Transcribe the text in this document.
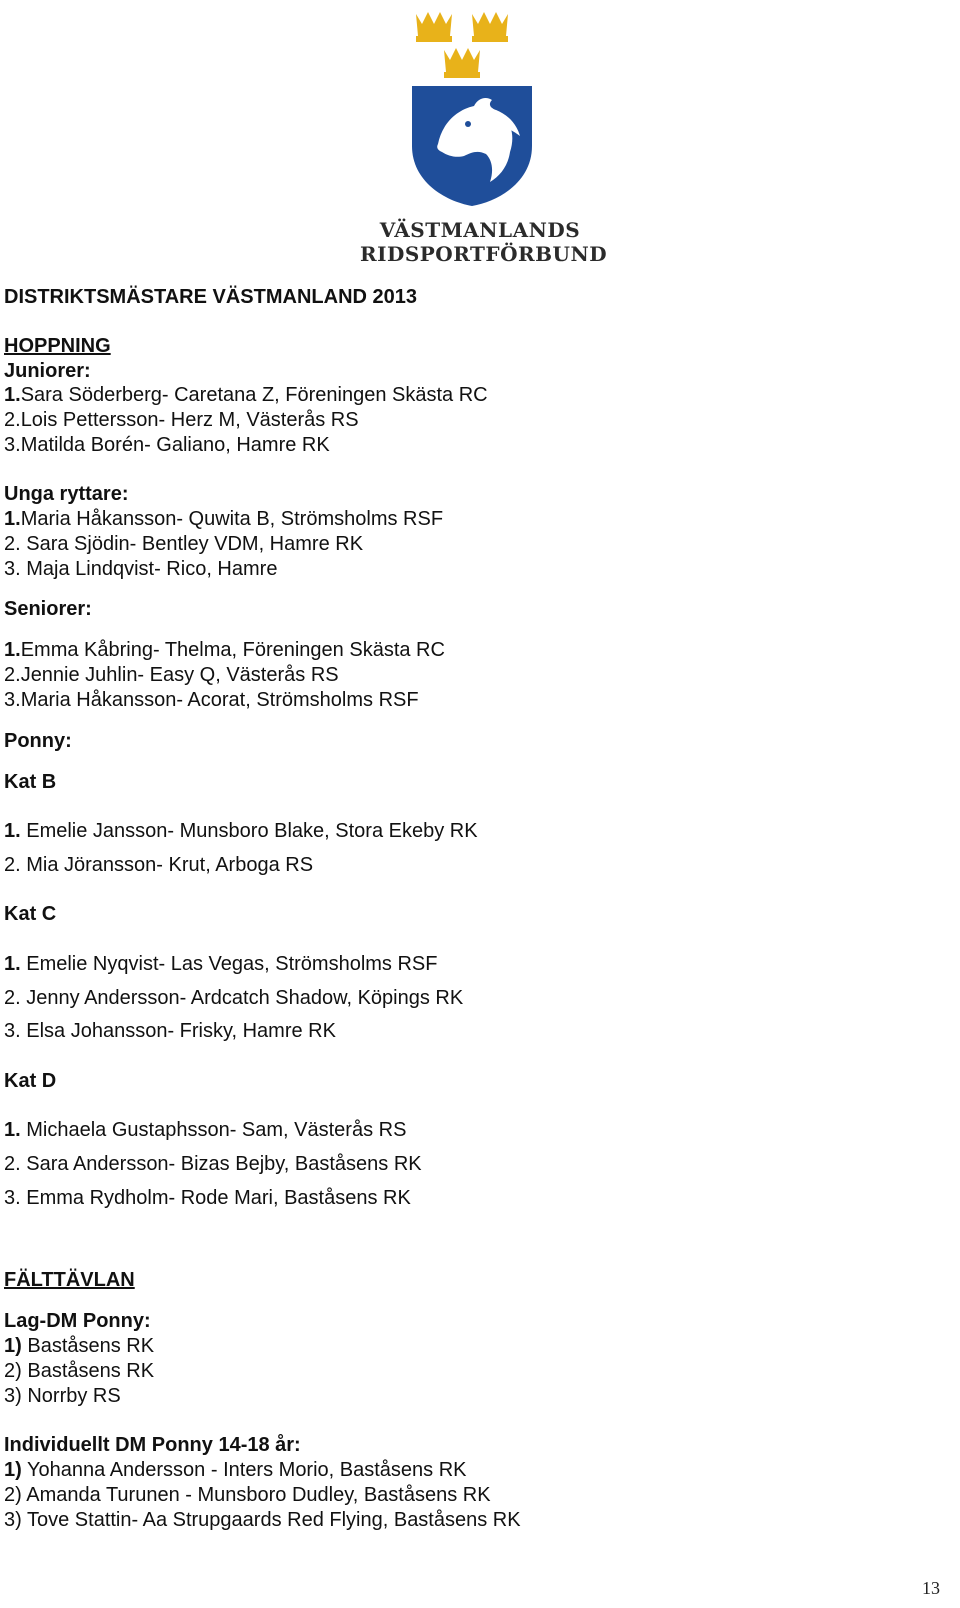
VÄSTMANLANDS
RIDSPORTFÖRBUND
DISTRIKTSMÄSTARE VÄSTMANLAND 2013
HOPPNING
Juniorer:
1.Sara Söderberg- Caretana Z, Föreningen Skästa RC
2.Lois Pettersson- Herz M, Västerås RS
3.Matilda Borén- Galiano, Hamre RK
Unga ryttare:
1.Maria Håkansson- Quwita B, Strömsholms RSF
2. Sara Sjödin- Bentley VDM, Hamre RK
3. Maja Lindqvist- Rico, Hamre
Seniorer:
1.Emma Kåbring- Thelma, Föreningen Skästa RC
2.Jennie Juhlin- Easy Q, Västerås RS
3.Maria Håkansson- Acorat, Strömsholms RSF
Ponny:
Kat B
1. Emelie Jansson- Munsboro Blake, Stora Ekeby RK
2. Mia Jöransson- Krut, Arboga RS
Kat C
1. Emelie Nyqvist- Las Vegas, Strömsholms RSF
2. Jenny Andersson- Ardcatch Shadow, Köpings RK
3. Elsa Johansson- Frisky, Hamre RK
Kat D
1. Michaela Gustaphsson- Sam, Västerås RS
2. Sara Andersson- Bizas Bejby, Baståsens RK
3. Emma Rydholm- Rode Mari, Baståsens RK
FÄLTTÄVLAN
Lag-DM Ponny:
1) Baståsens RK
2) Baståsens RK
3) Norrby RS
Individuellt DM Ponny 14-18 år:
1) Yohanna Andersson - Inters Morio, Baståsens RK
2) Amanda Turunen - Munsboro Dudley, Baståsens RK
3) Tove Stattin- Aa Strupgaards Red Flying, Baståsens RK
13
